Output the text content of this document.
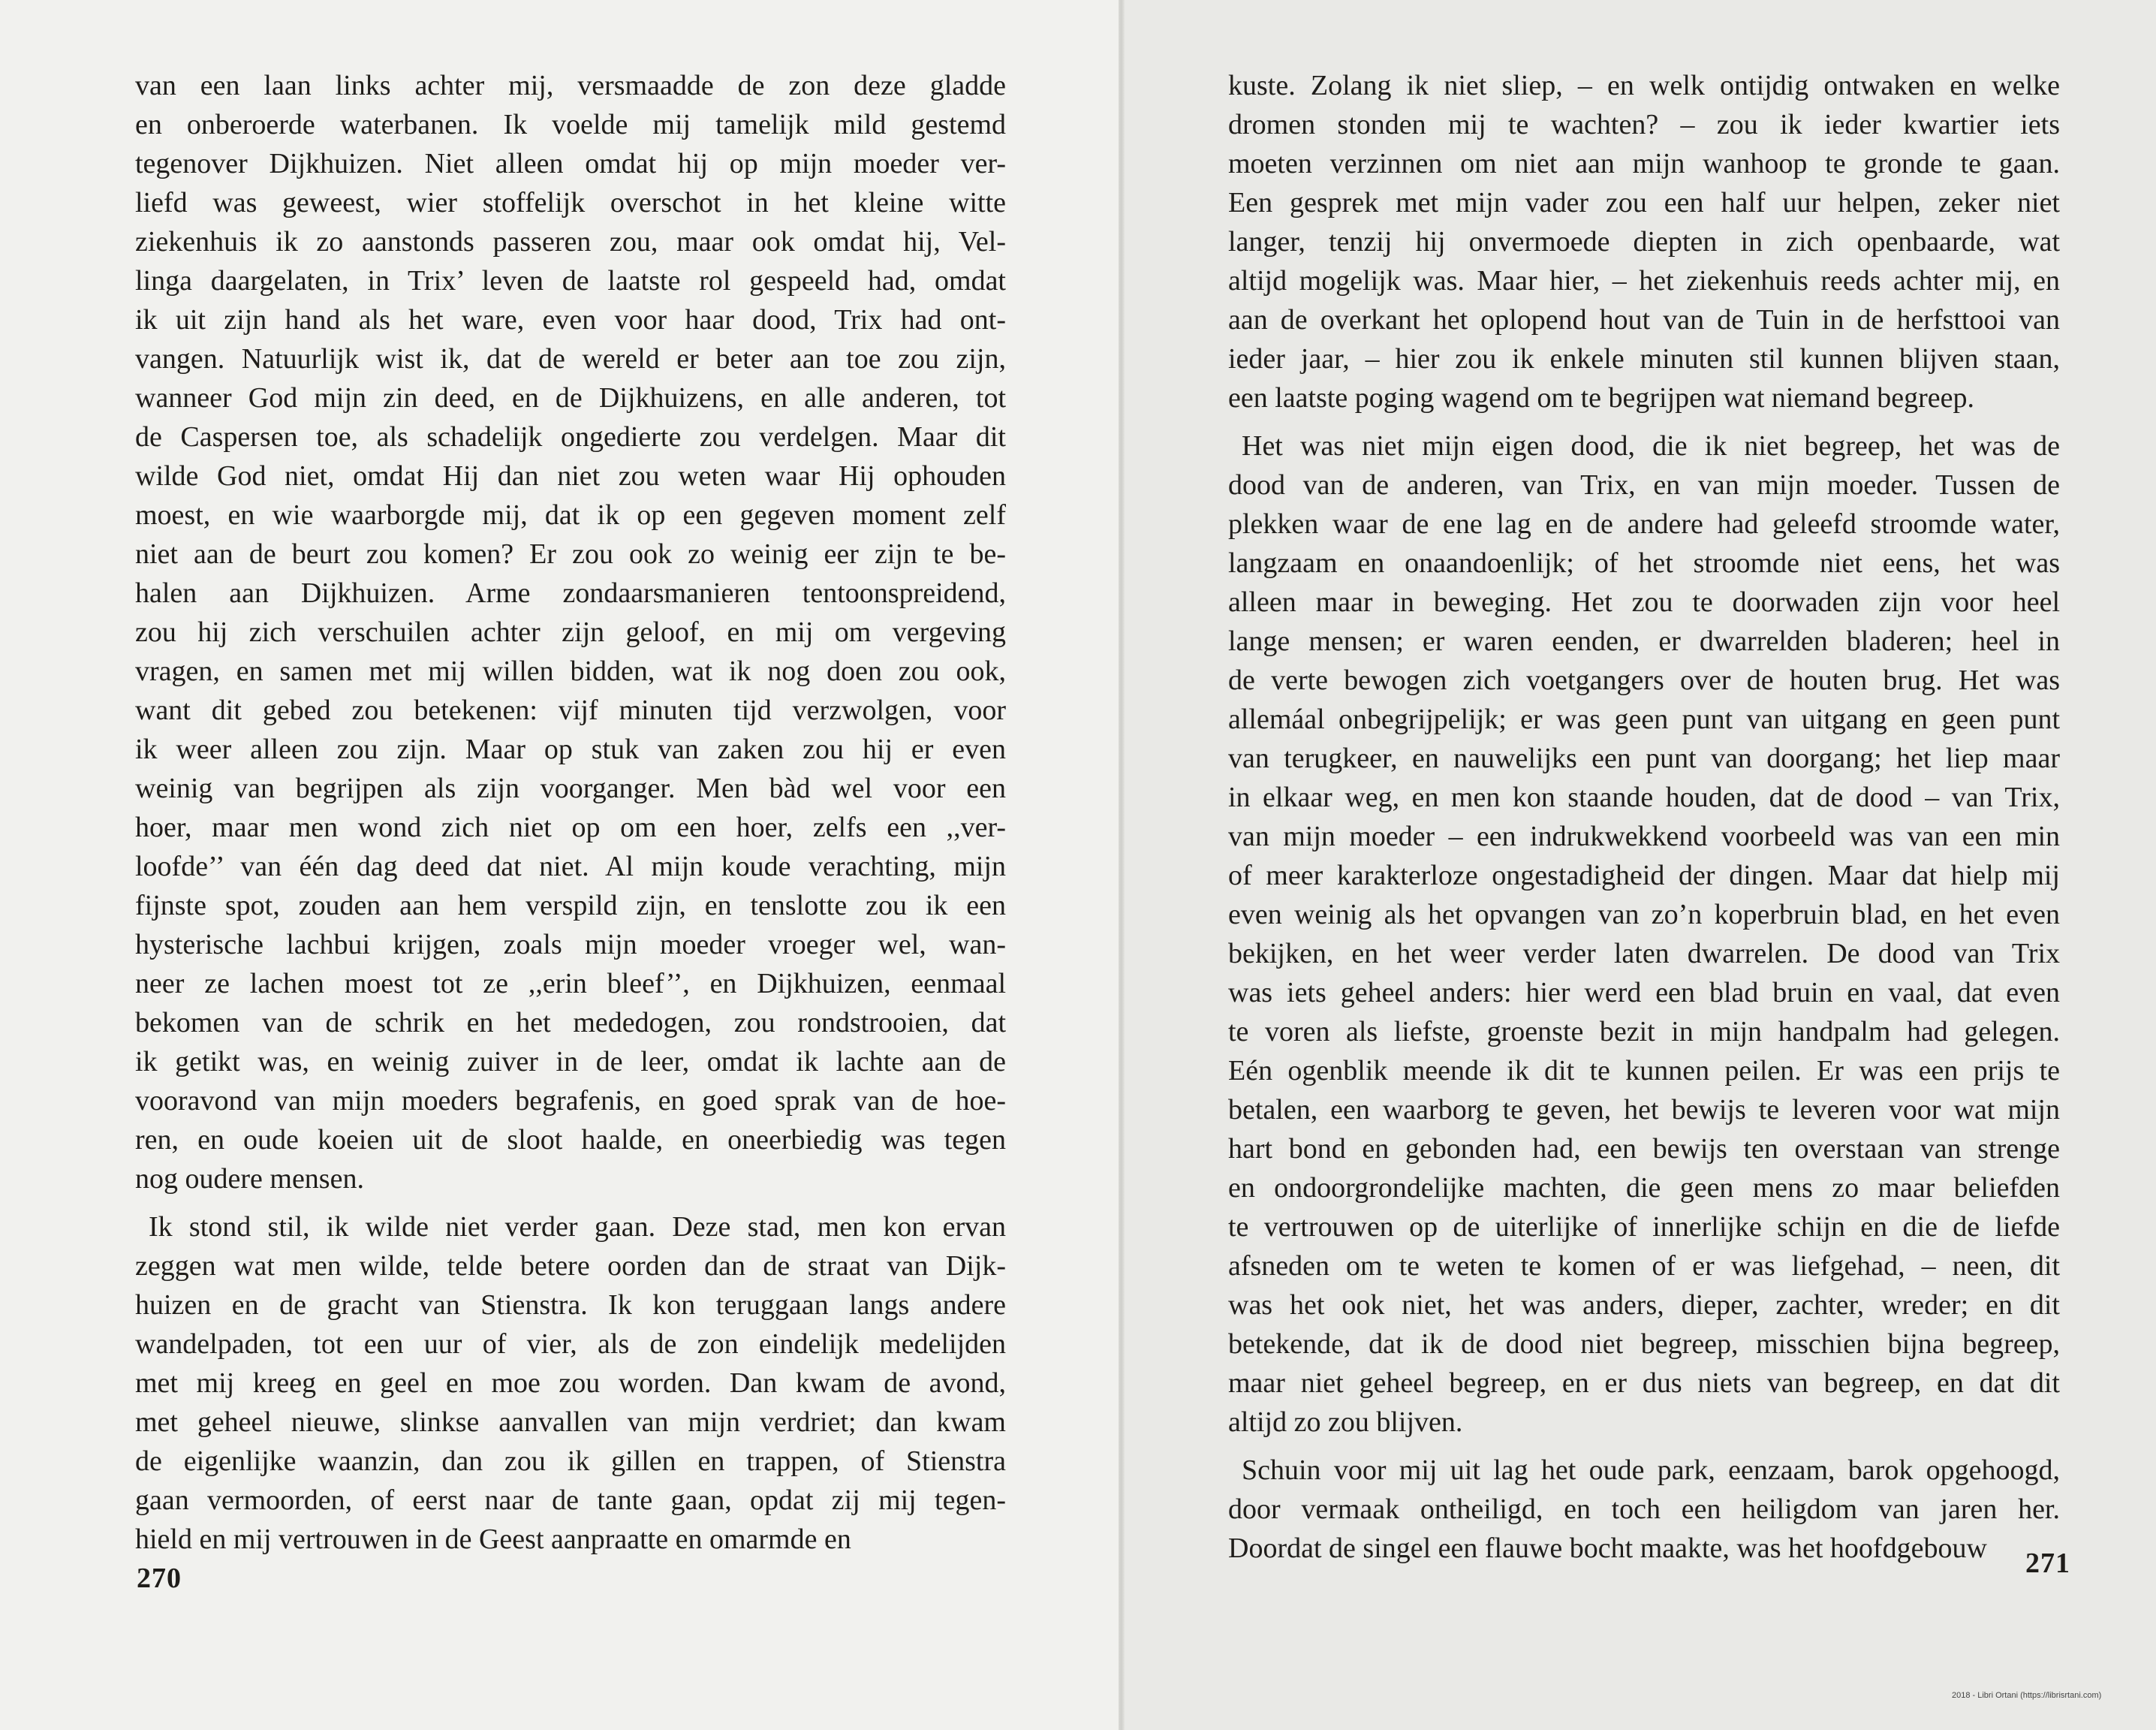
van een laan links achter mij, versmaadde de zon deze gladde
en onberoerde waterbanen. Ik voelde mij tamelijk mild gestemd
tegenover Dijkhuizen. Niet alleen omdat hij op mijn moeder ver-
liefd was geweest, wier stoffelijk overschot in het kleine witte
ziekenhuis ik zo aanstonds passeren zou, maar ook omdat hij, Vel-
linga daargelaten, in Trix’ leven de laatste rol gespeeld had, omdat
ik uit zijn hand als het ware, even voor haar dood, Trix had ont-
vangen. Natuurlijk wist ik, dat de wereld er beter aan toe zou zijn,
wanneer God mijn zin deed, en de Dijkhuizens, en alle anderen, tot
de Caspersen toe, als schadelijk ongedierte zou verdelgen. Maar dit
wilde God niet, omdat Hij dan niet zou weten waar Hij ophouden
moest, en wie waarborgde mij, dat ik op een gegeven moment zelf
niet aan de beurt zou komen? Er zou ook zo weinig eer zijn te be-
halen aan Dijkhuizen. Arme zondaarsmanieren tentoonspreidend,
zou hij zich verschuilen achter zijn geloof, en mij om vergeving
vragen, en samen met mij willen bidden, wat ik nog doen zou ook,
want dit gebed zou betekenen: vijf minuten tijd verzwolgen, voor
ik weer alleen zou zijn. Maar op stuk van zaken zou hij er even
weinig van begrijpen als zijn voorganger. Men bàd wel voor een
hoer, maar men wond zich niet op om een hoer, zelfs een ,,ver-
loofde’’ van één dag deed dat niet. Al mijn koude verachting, mijn
fijnste spot, zouden aan hem verspild zijn, en tenslotte zou ik een
hysterische lachbui krijgen, zoals mijn moeder vroeger wel, wan-
neer ze lachen moest tot ze ,,erin bleef’’, en Dijkhuizen, eenmaal
bekomen van de schrik en het mededogen, zou rondstrooien, dat
ik getikt was, en weinig zuiver in de leer, omdat ik lachte aan de
vooravond van mijn moeders begrafenis, en goed sprak van de hoe-
ren, en oude koeien uit de sloot haalde, en oneerbiedig was tegen
nog oudere mensen.
Ik stond stil, ik wilde niet verder gaan. Deze stad, men kon ervan
zeggen wat men wilde, telde betere oorden dan de straat van Dijk-
huizen en de gracht van Stienstra. Ik kon teruggaan langs andere
wandelpaden, tot een uur of vier, als de zon eindelijk medelijden
met mij kreeg en geel en moe zou worden. Dan kwam de avond,
met geheel nieuwe, slinkse aanvallen van mijn verdriet; dan kwam
de eigenlijke waanzin, dan zou ik gillen en trappen, of Stienstra
gaan vermoorden, of eerst naar de tante gaan, opdat zij mij tegen-
hield en mij vertrouwen in de Geest aanpraatte en omarmde en
270
kuste. Zolang ik niet sliep, – en welk ontijdig ontwaken en welke
dromen stonden mij te wachten? – zou ik ieder kwartier iets
moeten verzinnen om niet aan mijn wanhoop te gronde te gaan.
Een gesprek met mijn vader zou een half uur helpen, zeker niet
langer, tenzij hij onvermoede diepten in zich openbaarde, wat
altijd mogelijk was. Maar hier, – het ziekenhuis reeds achter mij, en
aan de overkant het oplopend hout van de Tuin in de herfsttooi van
ieder jaar, – hier zou ik enkele minuten stil kunnen blijven staan,
een laatste poging wagend om te begrijpen wat niemand begreep.
Het was niet mijn eigen dood, die ik niet begreep, het was de
dood van de anderen, van Trix, en van mijn moeder. Tussen de
plekken waar de ene lag en de andere had geleefd stroomde water,
langzaam en onaandoenlijk; of het stroomde niet eens, het was
alleen maar in beweging. Het zou te doorwaden zijn voor heel
lange mensen; er waren eenden, er dwarrelden bladeren; heel in
de verte bewogen zich voetgangers over de houten brug. Het was
allemáal onbegrijpelijk; er was geen punt van uitgang en geen punt
van terugkeer, en nauwelijks een punt van doorgang; het liep maar
in elkaar weg, en men kon staande houden, dat de dood – van Trix,
van mijn moeder – een indrukwekkend voorbeeld was van een min
of meer karakterloze ongestadigheid der dingen. Maar dat hielp mij
even weinig als het opvangen van zo’n koperbruin blad, en het even
bekijken, en het weer verder laten dwarrelen. De dood van Trix
was iets geheel anders: hier werd een blad bruin en vaal, dat even
te voren als liefste, groenste bezit in mijn handpalm had gelegen.
Eén ogenblik meende ik dit te kunnen peilen. Er was een prijs te
betalen, een waarborg te geven, het bewijs te leveren voor wat mijn
hart bond en gebonden had, een bewijs ten overstaan van strenge
en ondoorgrondelijke machten, die geen mens zo maar beliefden
te vertrouwen op de uiterlijke of innerlijke schijn en die de liefde
afsneden om te weten te komen of er was liefgehad, – neen, dit
was het ook niet, het was anders, dieper, zachter, wreder; en dit
betekende, dat ik de dood niet begreep, misschien bijna begreep,
maar niet geheel begreep, en er dus niets van begreep, en dat dit
altijd zo zou blijven.
Schuin voor mij uit lag het oude park, eenzaam, barok opgehoogd,
door vermaak ontheiligd, en toch een heiligdom van jaren her.
Doordat de singel een flauwe bocht maakte, was het hoofdgebouw	271
2018 - Libri Ortani (https://librisrtani.com)
